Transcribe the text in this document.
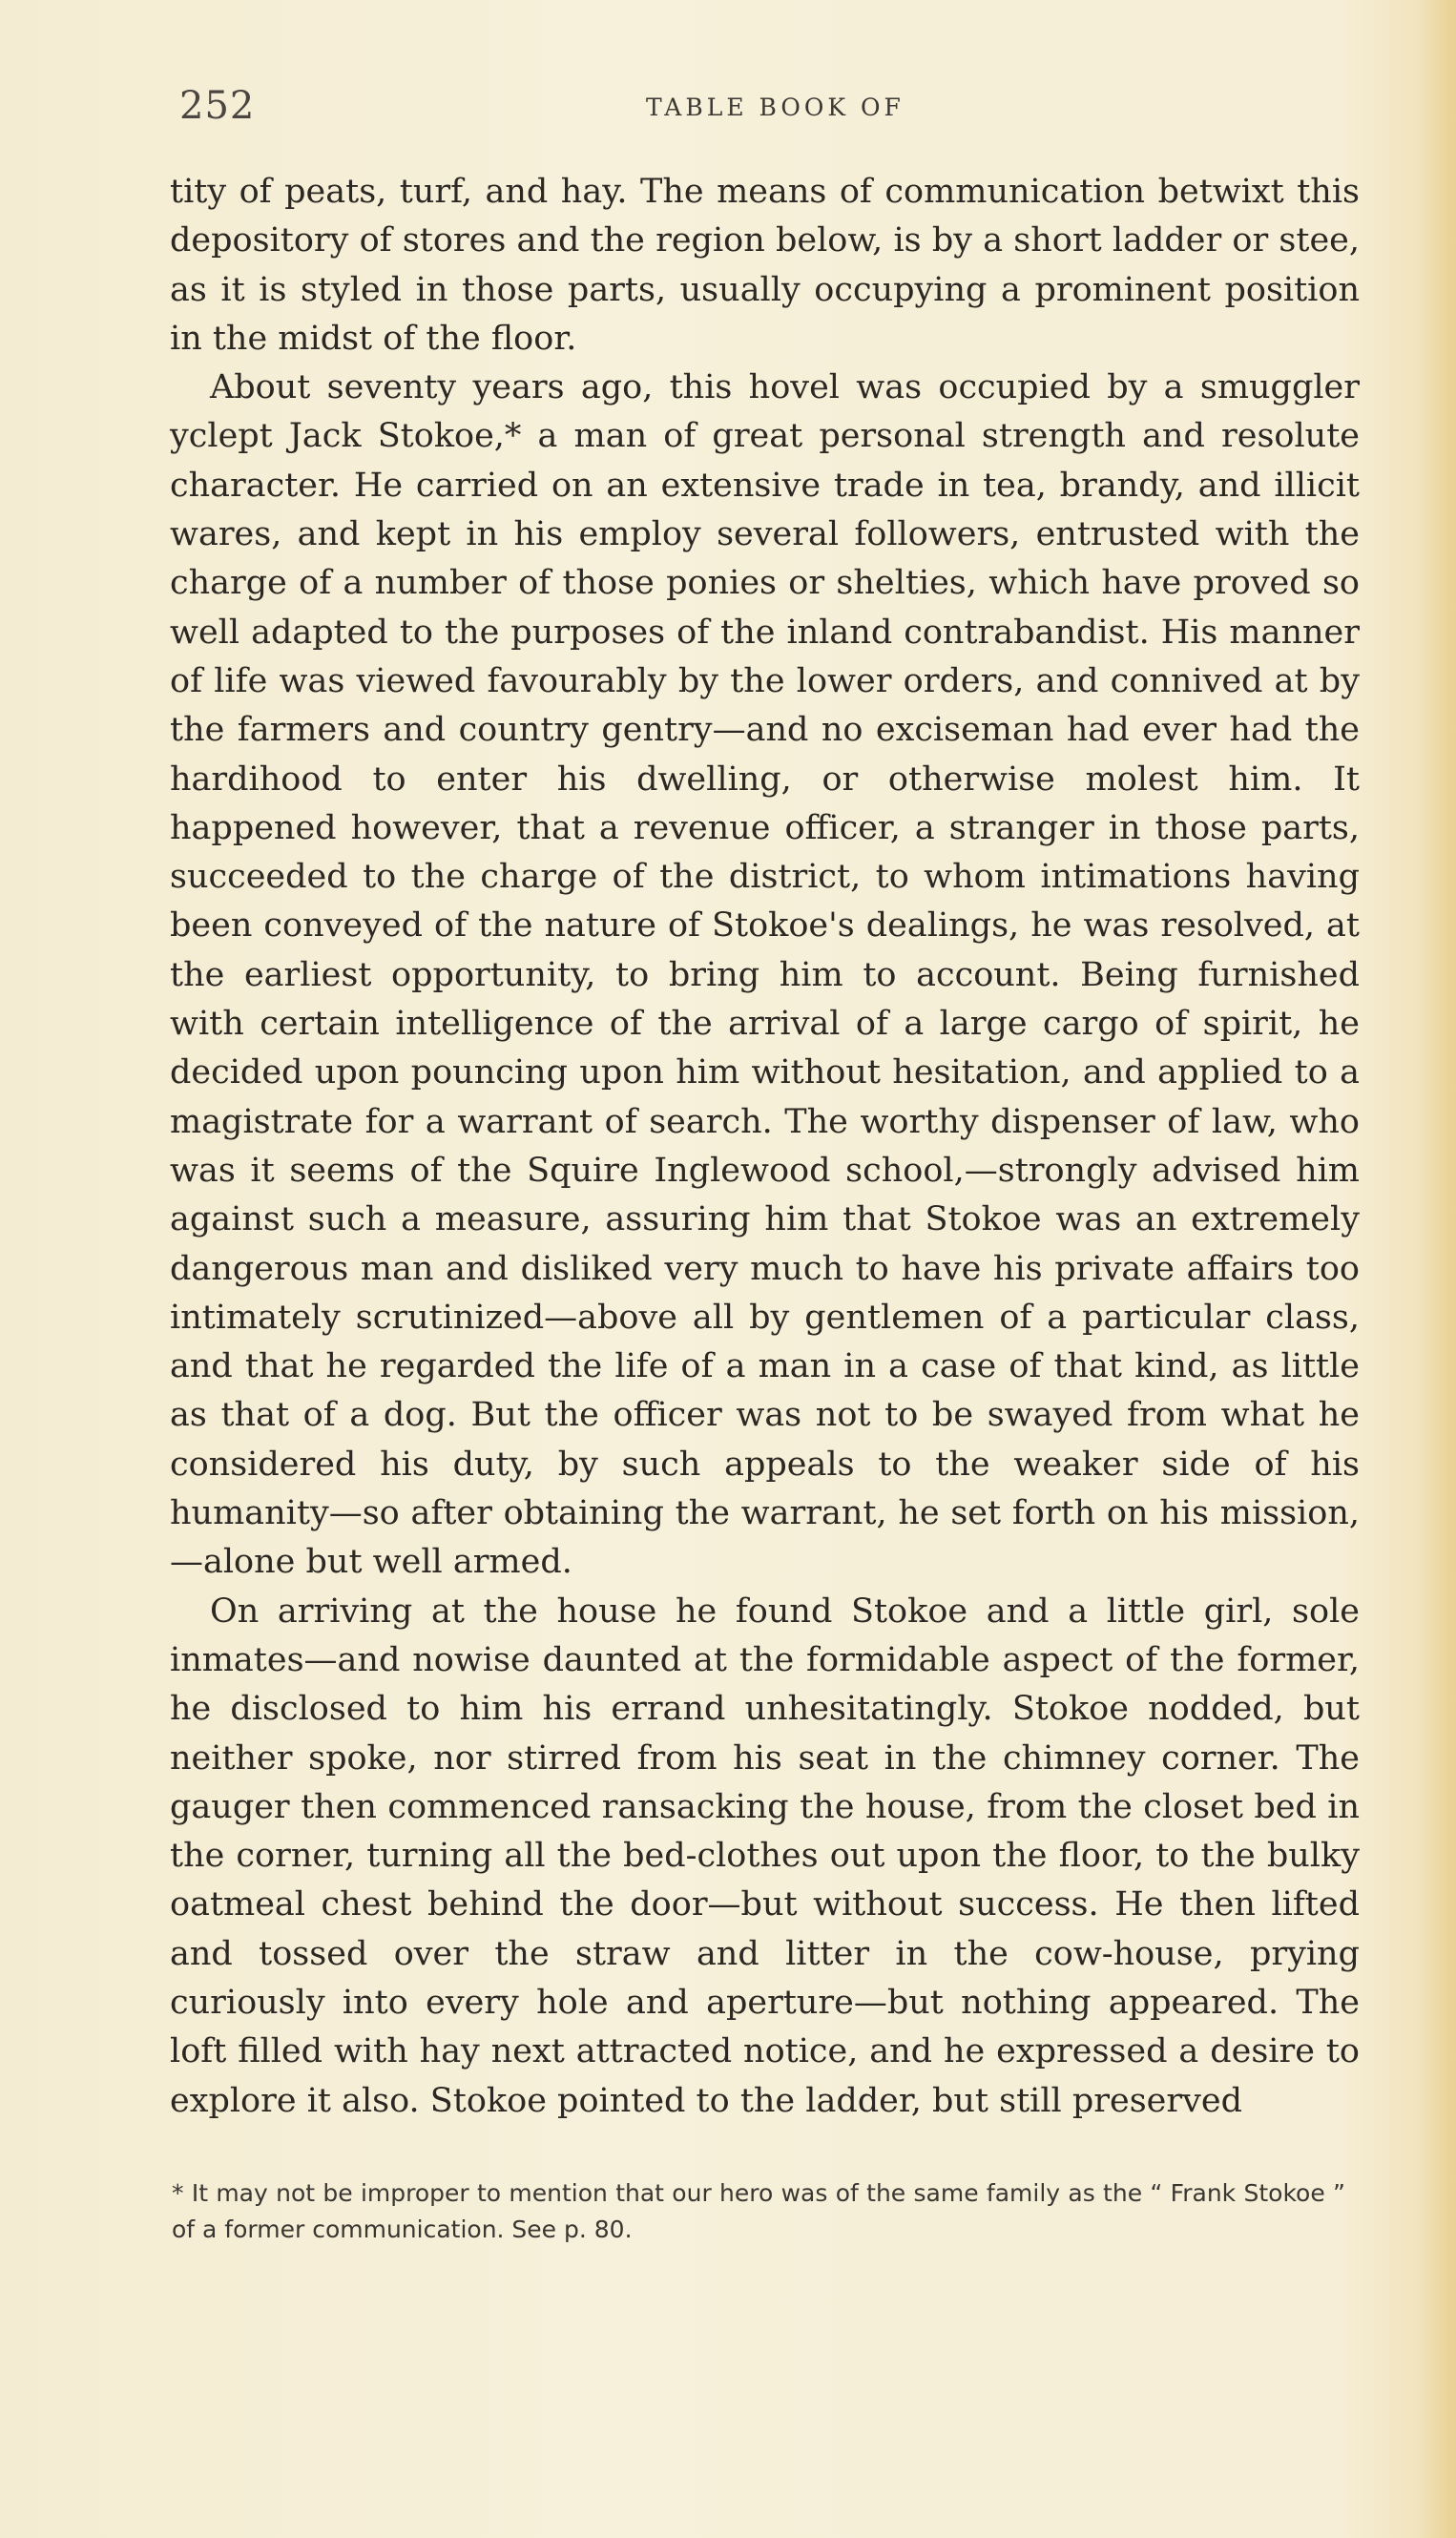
252	TABLE BOOK OF

tity of peats, turf, and hay. The means of communication betwixt this depository of stores and the region below, is by a short ladder or stee, as it is styled in those parts, usually occupying a prominent position in the midst of the floor.

About seventy years ago, this hovel was occupied by a smuggler yclept Jack Stokoe,* a man of great personal strength and resolute character. He carried on an extensive trade in tea, brandy, and illicit wares, and kept in his employ several followers, entrusted with the charge of a number of those ponies or shelties, which have proved so well adapted to the purposes of the inland contrabandist. His manner of life was viewed favourably by the lower orders, and connived at by the farmers and country gentry—and no exciseman had ever had the hardihood to enter his dwelling, or otherwise molest him. It happened however, that a revenue officer, a stranger in those parts, succeeded to the charge of the district, to whom intimations having been conveyed of the nature of Stokoe's dealings, he was resolved, at the earliest opportunity, to bring him to account. Being furnished with certain intelligence of the arrival of a large cargo of spirit, he decided upon pouncing upon him without hesitation, and applied to a magistrate for a warrant of search. The worthy dispenser of law, who was it seems of the Squire Inglewood school,—strongly advised him against such a measure, assuring him that Stokoe was an extremely dangerous man and disliked very much to have his private affairs too intimately scrutinized—above all by gentlemen of a particular class, and that he regarded the life of a man in a case of that kind, as little as that of a dog. But the officer was not to be swayed from what he considered his duty, by such appeals to the weaker side of his humanity—so after obtaining the warrant, he set forth on his mission,—alone but well armed.

On arriving at the house he found Stokoe and a little girl, sole inmates—and nowise daunted at the formidable aspect of the former, he disclosed to him his errand unhesitatingly. Stokoe nodded, but neither spoke, nor stirred from his seat in the chimney corner. The gauger then commenced ransacking the house, from the closet bed in the corner, turning all the bed-clothes out upon the floor, to the bulky oatmeal chest behind the door—but without success. He then lifted and tossed over the straw and litter in the cow-house, prying curiously into every hole and aperture—but nothing appeared. The loft filled with hay next attracted notice, and he expressed a desire to explore it also. Stokoe pointed to the ladder, but still preserved

* It may not be improper to mention that our hero was of the same family as the “ Frank Stokoe ” of a former communication. See p. 80.
